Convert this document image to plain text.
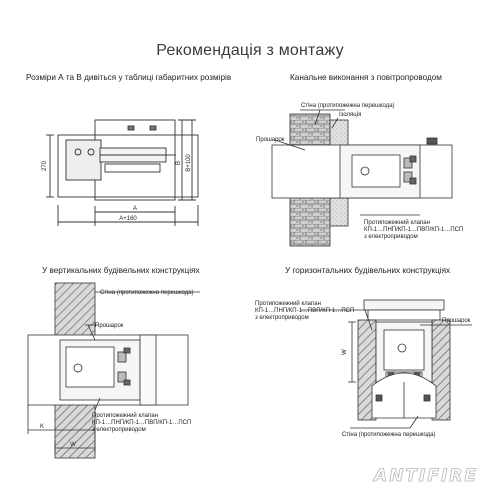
Рекомендація з монтажу
Розміри А та В дивіться у таблиці габаритних розмірів	Канальне виконання з повітропроводом
У вертикальних будівельних конструкціях	У горизонтальних будівельних конструкціях
270	B B+100
A
A+160
Стіна (протипожежна перешкода)
Ізоляція
Прошарок
Протипожежний клапан
КП-1…ПНП/КП-1…ПВП/КП-1…ПСП
з електроприводом
Стіна (протипожежна перешкода)
Прошарок
Протипожежний клапан
КП-1…ПНП/КП-1…ПВП/КП-1…ПСП
з електроприводом
K
W
Протипожежний клапан
КП-1…ПНП/КП-1…ПВП/КП-1…ПСП
з електроприводом	Прошарок
W
Стіна (протипожежна перешкода)
ANTIFIRE
